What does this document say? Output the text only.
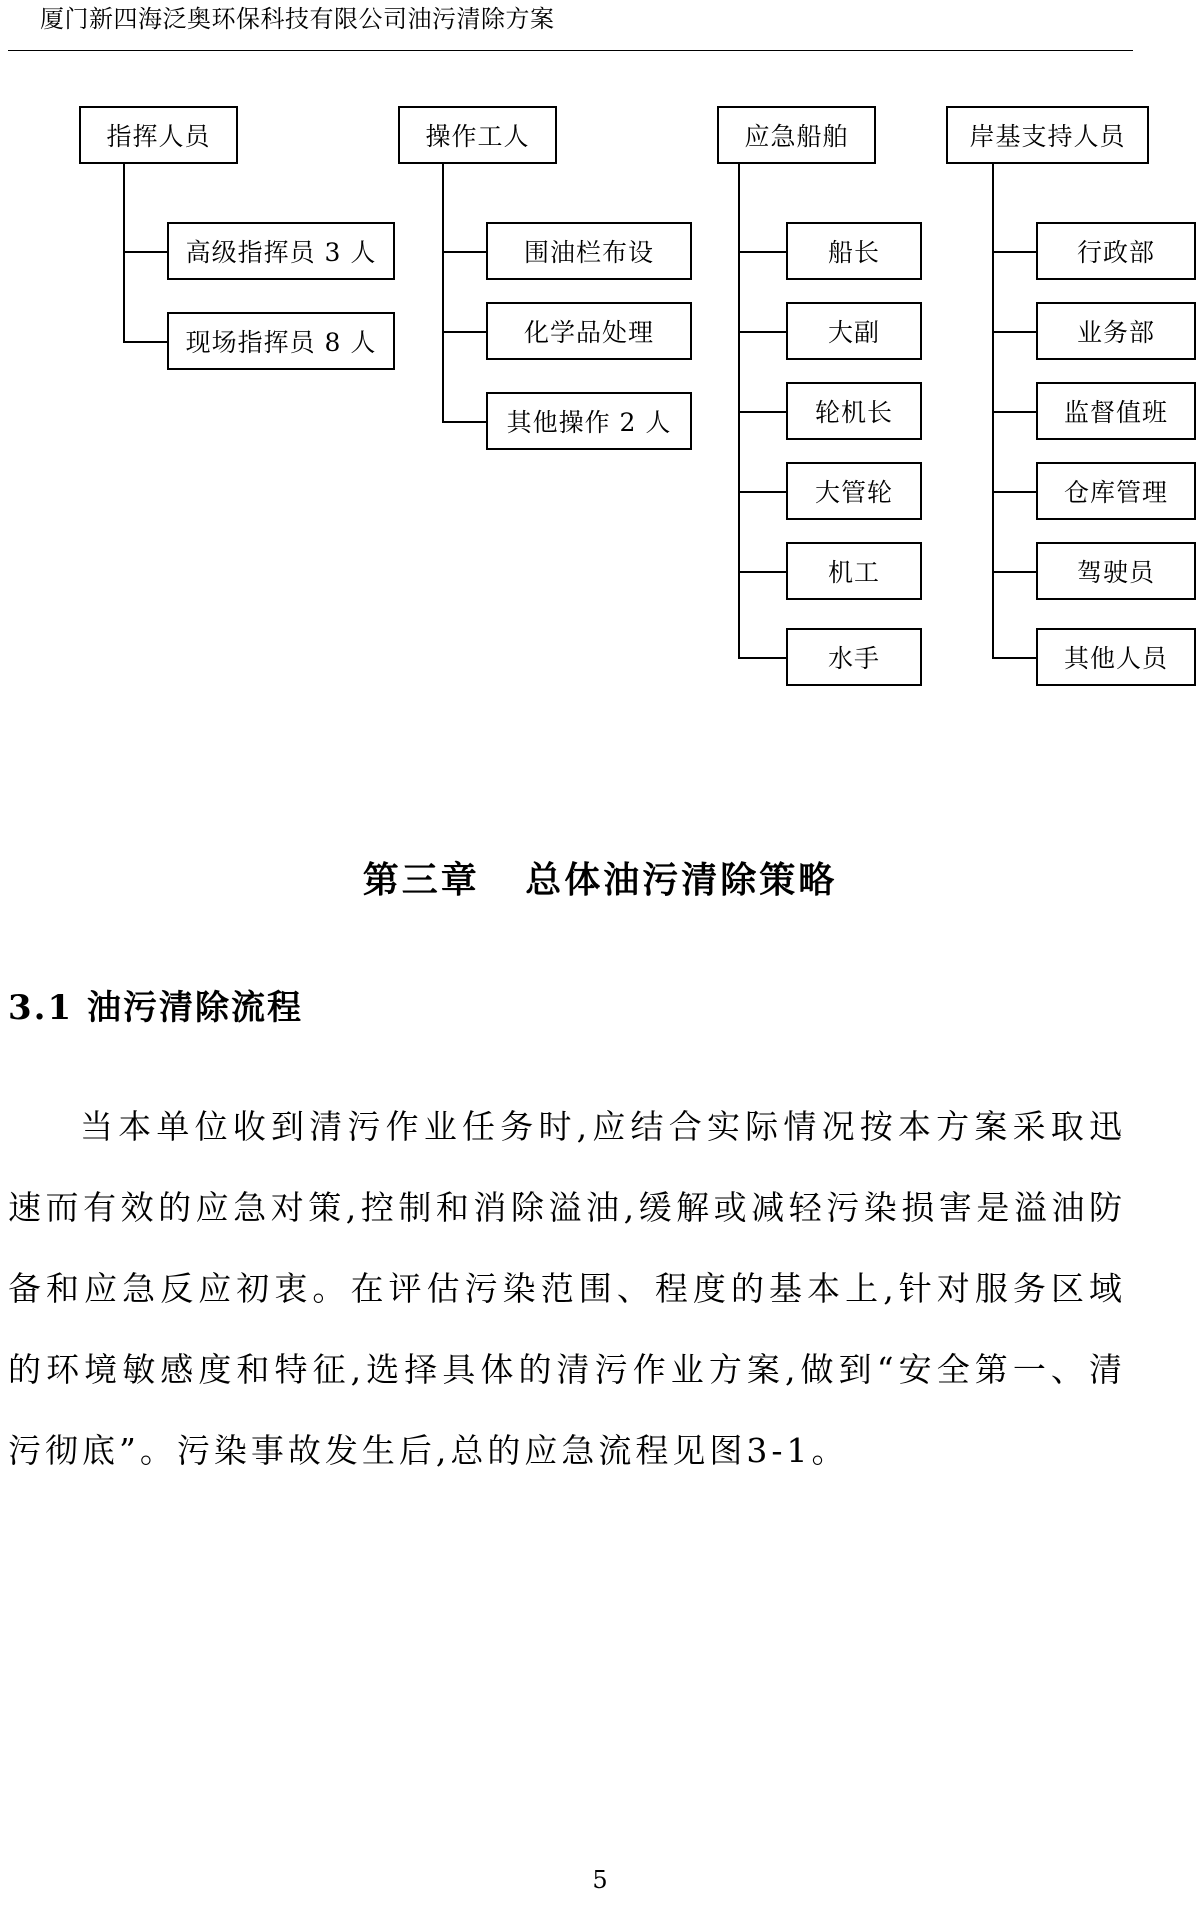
厦门新四海泛奥环保科技有限公司油污清除方案
指挥人员
高级指挥员 3 人
现场指挥员 8 人
操作工人
围油栏布设
化学品处理
其他操作 2 人
应急船舶
船长
大副
轮机长
大管轮
机工
水手
岸基支持人员
行政部
业务部
监督值班
仓库管理
驾驶员
其他人员
第三章 总体油污清除策略
3.1 油污清除流程
当本单位收到清污作业任务时,应结合实际情况按本方案采取迅速而有效的应急对策,控制和消除溢油,缓解或减轻污染损害是溢油防备和应急反应初衷。在评估污染范围、程度的基本上,针对服务区域的环境敏感度和特征,选择具体的清污作业方案,做到“安全第一、清污彻底”。污染事故发生后,总的应急流程见图3-1。
5
